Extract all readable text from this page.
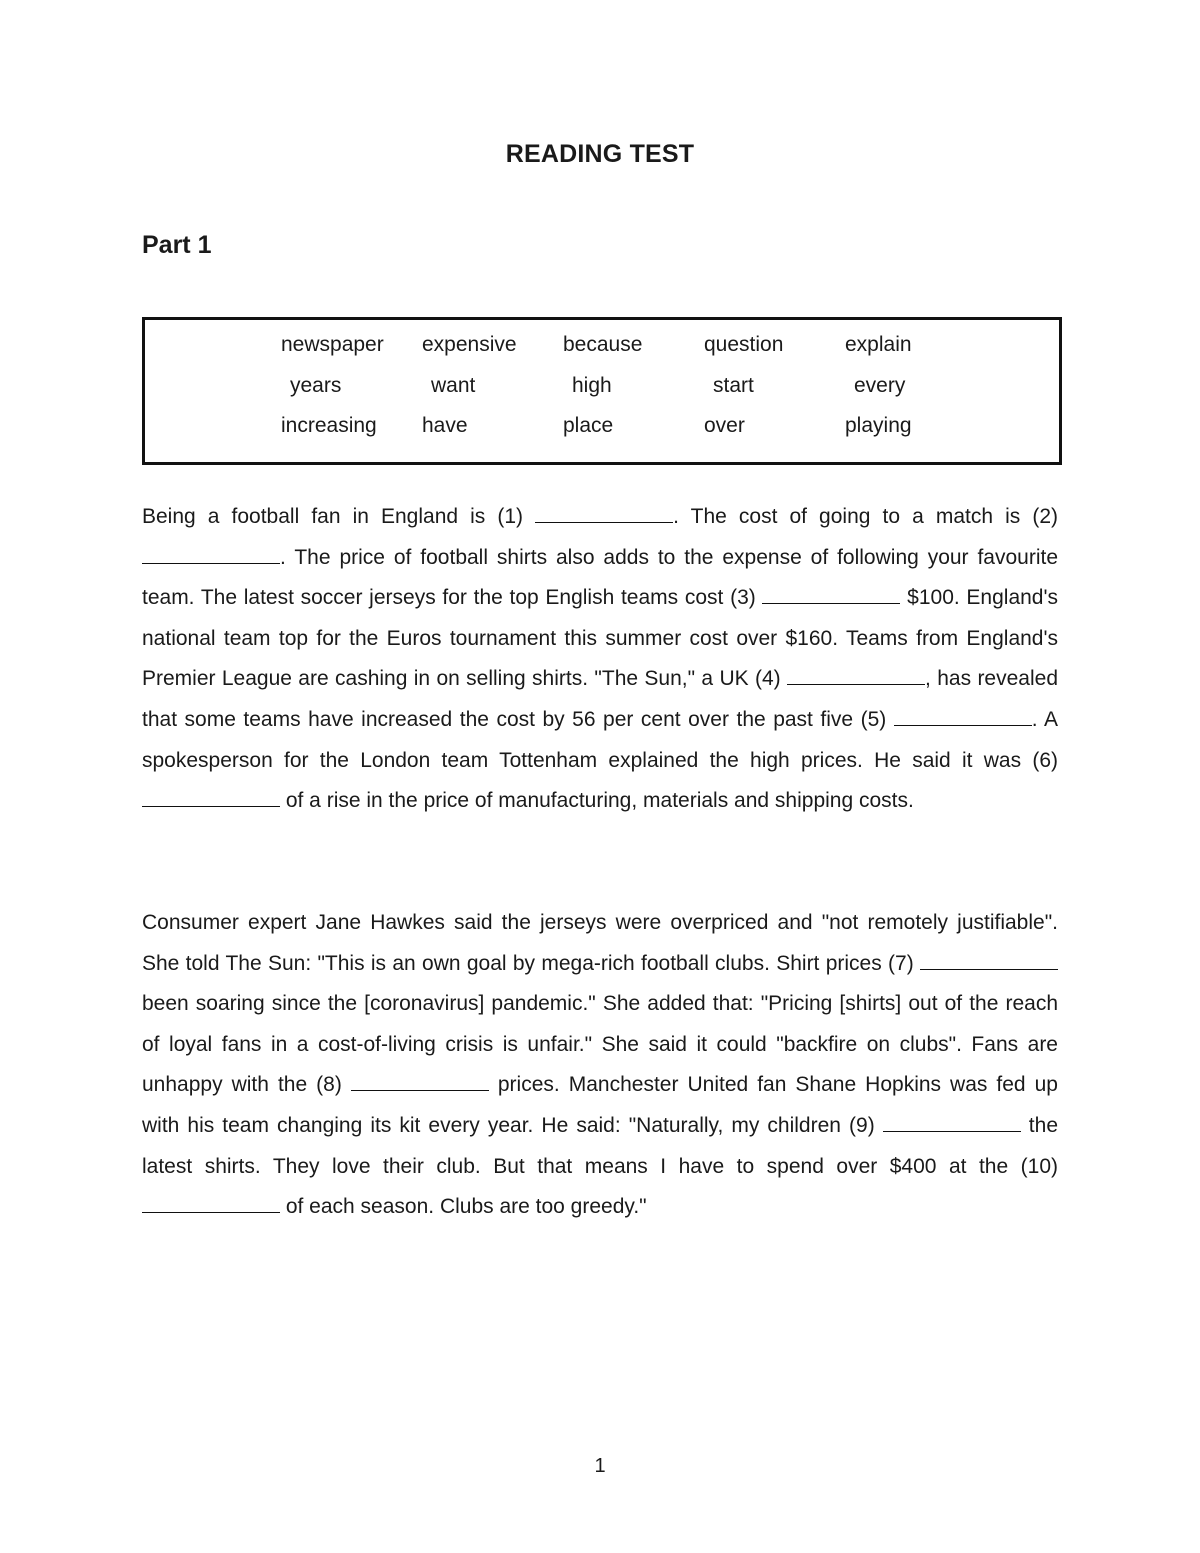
READING TEST
Part 1
newspaper	expensive	because	question	explain
years	want	high	start	every
increasing	have	place	over	playing

Being a football fan in England is (1)	. The cost of going to a match is (2) . The price of football shirts also adds to the expense of following your favourite team. The latest soccer jerseys for the top English teams cost (3)	$100. England's national team top for the Euros tournament this summer cost over $160. Teams from England's Premier League are cashing in on selling shirts. "The Sun," a UK (4)	, has revealed that some teams have increased the cost by 56 per cent over the past five (5)	. A spokesperson for the London team Tottenham explained the high prices. He said it was (6)  of a rise in the price of manufacturing, materials and shipping costs.

Consumer expert Jane Hawkes said the jerseys were overpriced and "not remotely justifiable". She told The Sun: "This is an own goal by mega-rich football clubs. Shirt prices (7)  been soaring since the [coronavirus] pandemic." She added that: "Pricing [shirts] out of the reach of loyal fans in a cost-of-living crisis is unfair." She said it could "backfire on clubs". Fans are unhappy with the (8)	prices. Manchester United fan Shane Hopkins was fed up with his team changing its kit every year. He said: "Naturally, my children (9)	the latest shirts. They love their club. But that means I have to spend over $400 at the (10)  of each season. Clubs are too greedy."

1
